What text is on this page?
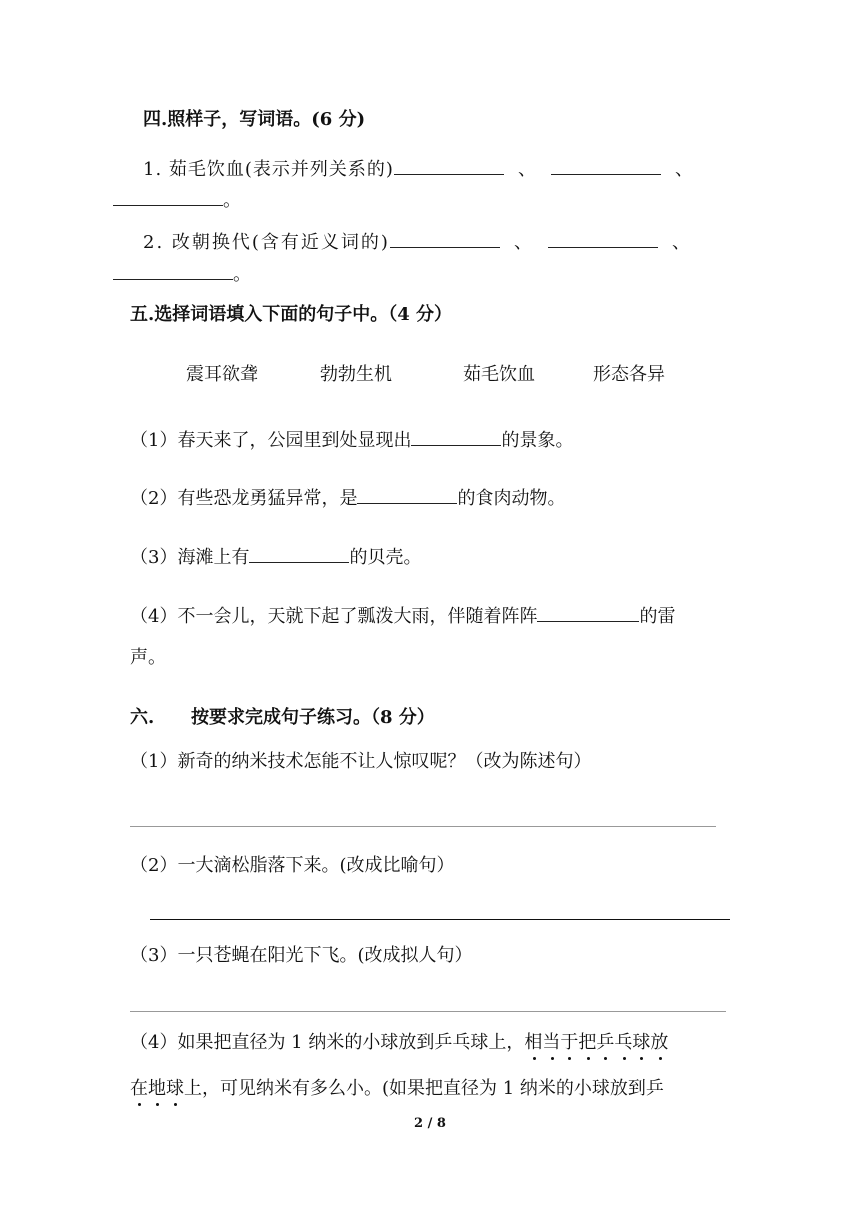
四.照样子，写词语。(6 分)
1. 茹毛饮血(表示并列关系的)	、	、
。
2. 改朝换代(含有近义词的)	、	、
。
五.选择词语填入下面的句子中。（4 分）
震耳欲聋	勃勃生机	茹毛饮血	形态各异
（1）春天来了，公园里到处显现出	的景象。
（2）有些恐龙勇猛异常，是	的食肉动物。
（3）海滩上有	的贝壳。
（4）不一会儿，天就下起了瓢泼大雨，伴随着阵阵	的雷
声。
六. 按要求完成句子练习。（8 分）
（1）新奇的纳米技术怎能不让人惊叹呢？（改为陈述句）
（2）一大滴松脂落下来。(改成比喻句）
（3）一只苍蝇在阳光下飞。(改成拟人句）
（4）如果把直径为 1 纳米的小球放到乒乓球上，相当于把乒乓球放
在地球
上，可见纳米有多么小。(如果把直径为 1 纳米的小球放到乒
2 / 8
